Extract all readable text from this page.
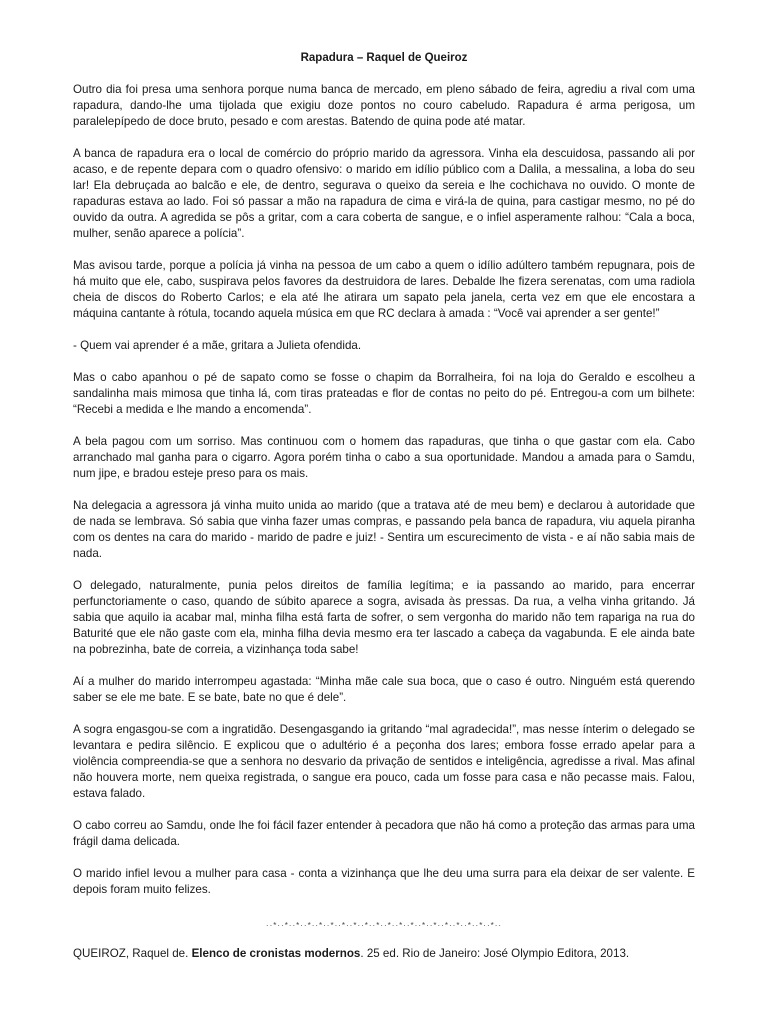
Rapadura – Raquel de Queiroz

Outro dia foi presa uma senhora porque numa banca de mercado, em pleno sábado de feira, agrediu a rival com uma rapadura, dando-lhe uma tijolada que exigiu doze pontos no couro cabeludo. Rapadura é arma perigosa, um paralelepípedo de doce bruto, pesado e com arestas. Batendo de quina pode até matar.

A banca de rapadura era o local de comércio do próprio marido da agressora. Vinha ela descuidosa, passando ali por acaso, e de repente depara com o quadro ofensivo: o marido em idílio público com a Dalila, a messalina, a loba do seu lar! Ela debruçada ao balcão e ele, de dentro, segurava o queixo da sereia e lhe cochichava no ouvido. O monte de rapaduras estava ao lado. Foi só passar a mão na rapadura de cima e virá-la de quina, para castigar mesmo, no pé do ouvido da outra. A agredida se pôs a gritar, com a cara coberta de sangue, e o infiel asperamente ralhou: “Cala a boca, mulher, senão aparece a polícia”.

Mas avisou tarde, porque a polícia já vinha na pessoa de um cabo a quem o idílio adúltero também repugnara, pois de há muito que ele, cabo, suspirava pelos favores da destruidora de lares. Debalde lhe fizera serenatas, com uma radiola cheia de discos do Roberto Carlos; e ela até lhe atirara um sapato pela janela, certa vez em que ele encostara a máquina cantante à rótula, tocando aquela música em que RC declara à amada : “Você vai aprender a ser gente!”

- Quem vai aprender é a mãe, gritara a Julieta ofendida.

Mas o cabo apanhou o pé de sapato como se fosse o chapim da Borralheira, foi na loja do Geraldo e escolheu a sandalinha mais mimosa que tinha lá, com tiras prateadas e flor de contas no peito do pé. Entregou-a com um bilhete: “Recebi a medida e lhe mando a encomenda”.

A bela pagou com um sorriso. Mas continuou com o homem das rapaduras, que tinha o que gastar com ela. Cabo arranchado mal ganha para o cigarro. Agora porém tinha o cabo a sua oportunidade. Mandou a amada para o Samdu, num jipe, e bradou esteje preso para os mais.

Na delegacia a agressora já vinha muito unida ao marido (que a tratava até de meu bem) e declarou à autoridade que de nada se lembrava. Só sabia que vinha fazer umas compras, e passando pela banca de rapadura, viu aquela piranha com os dentes na cara do marido - marido de padre e juiz! - Sentira um escurecimento de vista - e aí não sabia mais de nada.

O delegado, naturalmente, punia pelos direitos de família legítima; e ia passando ao marido, para encerrar perfunctoriamente o caso, quando de súbito aparece a sogra, avisada às pressas. Da rua, a velha vinha gritando. Já sabia que aquilo ia acabar mal, minha filha está farta de sofrer, o sem vergonha do marido não tem rapariga na rua do Baturité que ele não gaste com ela, minha filha devia mesmo era ter lascado a cabeça da vagabunda. E ele ainda bate na pobrezinha, bate de correia, a vizinhança toda sabe!

Aí a mulher do marido interrompeu agastada: “Minha mãe cale sua boca, que o caso é outro. Ninguém está querendo saber se ele me bate. E se bate, bate no que é dele”.

A sogra engasgou-se com a ingratidão. Desengasgando ia gritando “mal agradecida!”, mas nesse ínterim o delegado se levantara e pedira silêncio. E explicou que o adultério é a peçonha dos lares; embora fosse errado apelar para a violência compreendia-se que a senhora no desvario da privação de sentidos e inteligência, agredisse a rival. Mas afinal não houvera morte, nem queixa registrada, o sangue era pouco, cada um fosse para casa e não pecasse mais. Falou, estava falado.

O cabo correu ao Samdu, onde lhe foi fácil fazer entender à pecadora que não há como a proteção das armas para uma frágil dama delicada.

O marido infiel levou a mulher para casa - conta a vizinhança que lhe deu uma surra para ela deixar de ser valente. E depois foram muito felizes.

··*··*··*··*··*··*··*··*··*··*··*··*··*··*··*··*··*··*··*··*··

QUEIROZ, Raquel de. Elenco de cronistas modernos. 25 ed. Rio de Janeiro: José Olympio Editora, 2013.
